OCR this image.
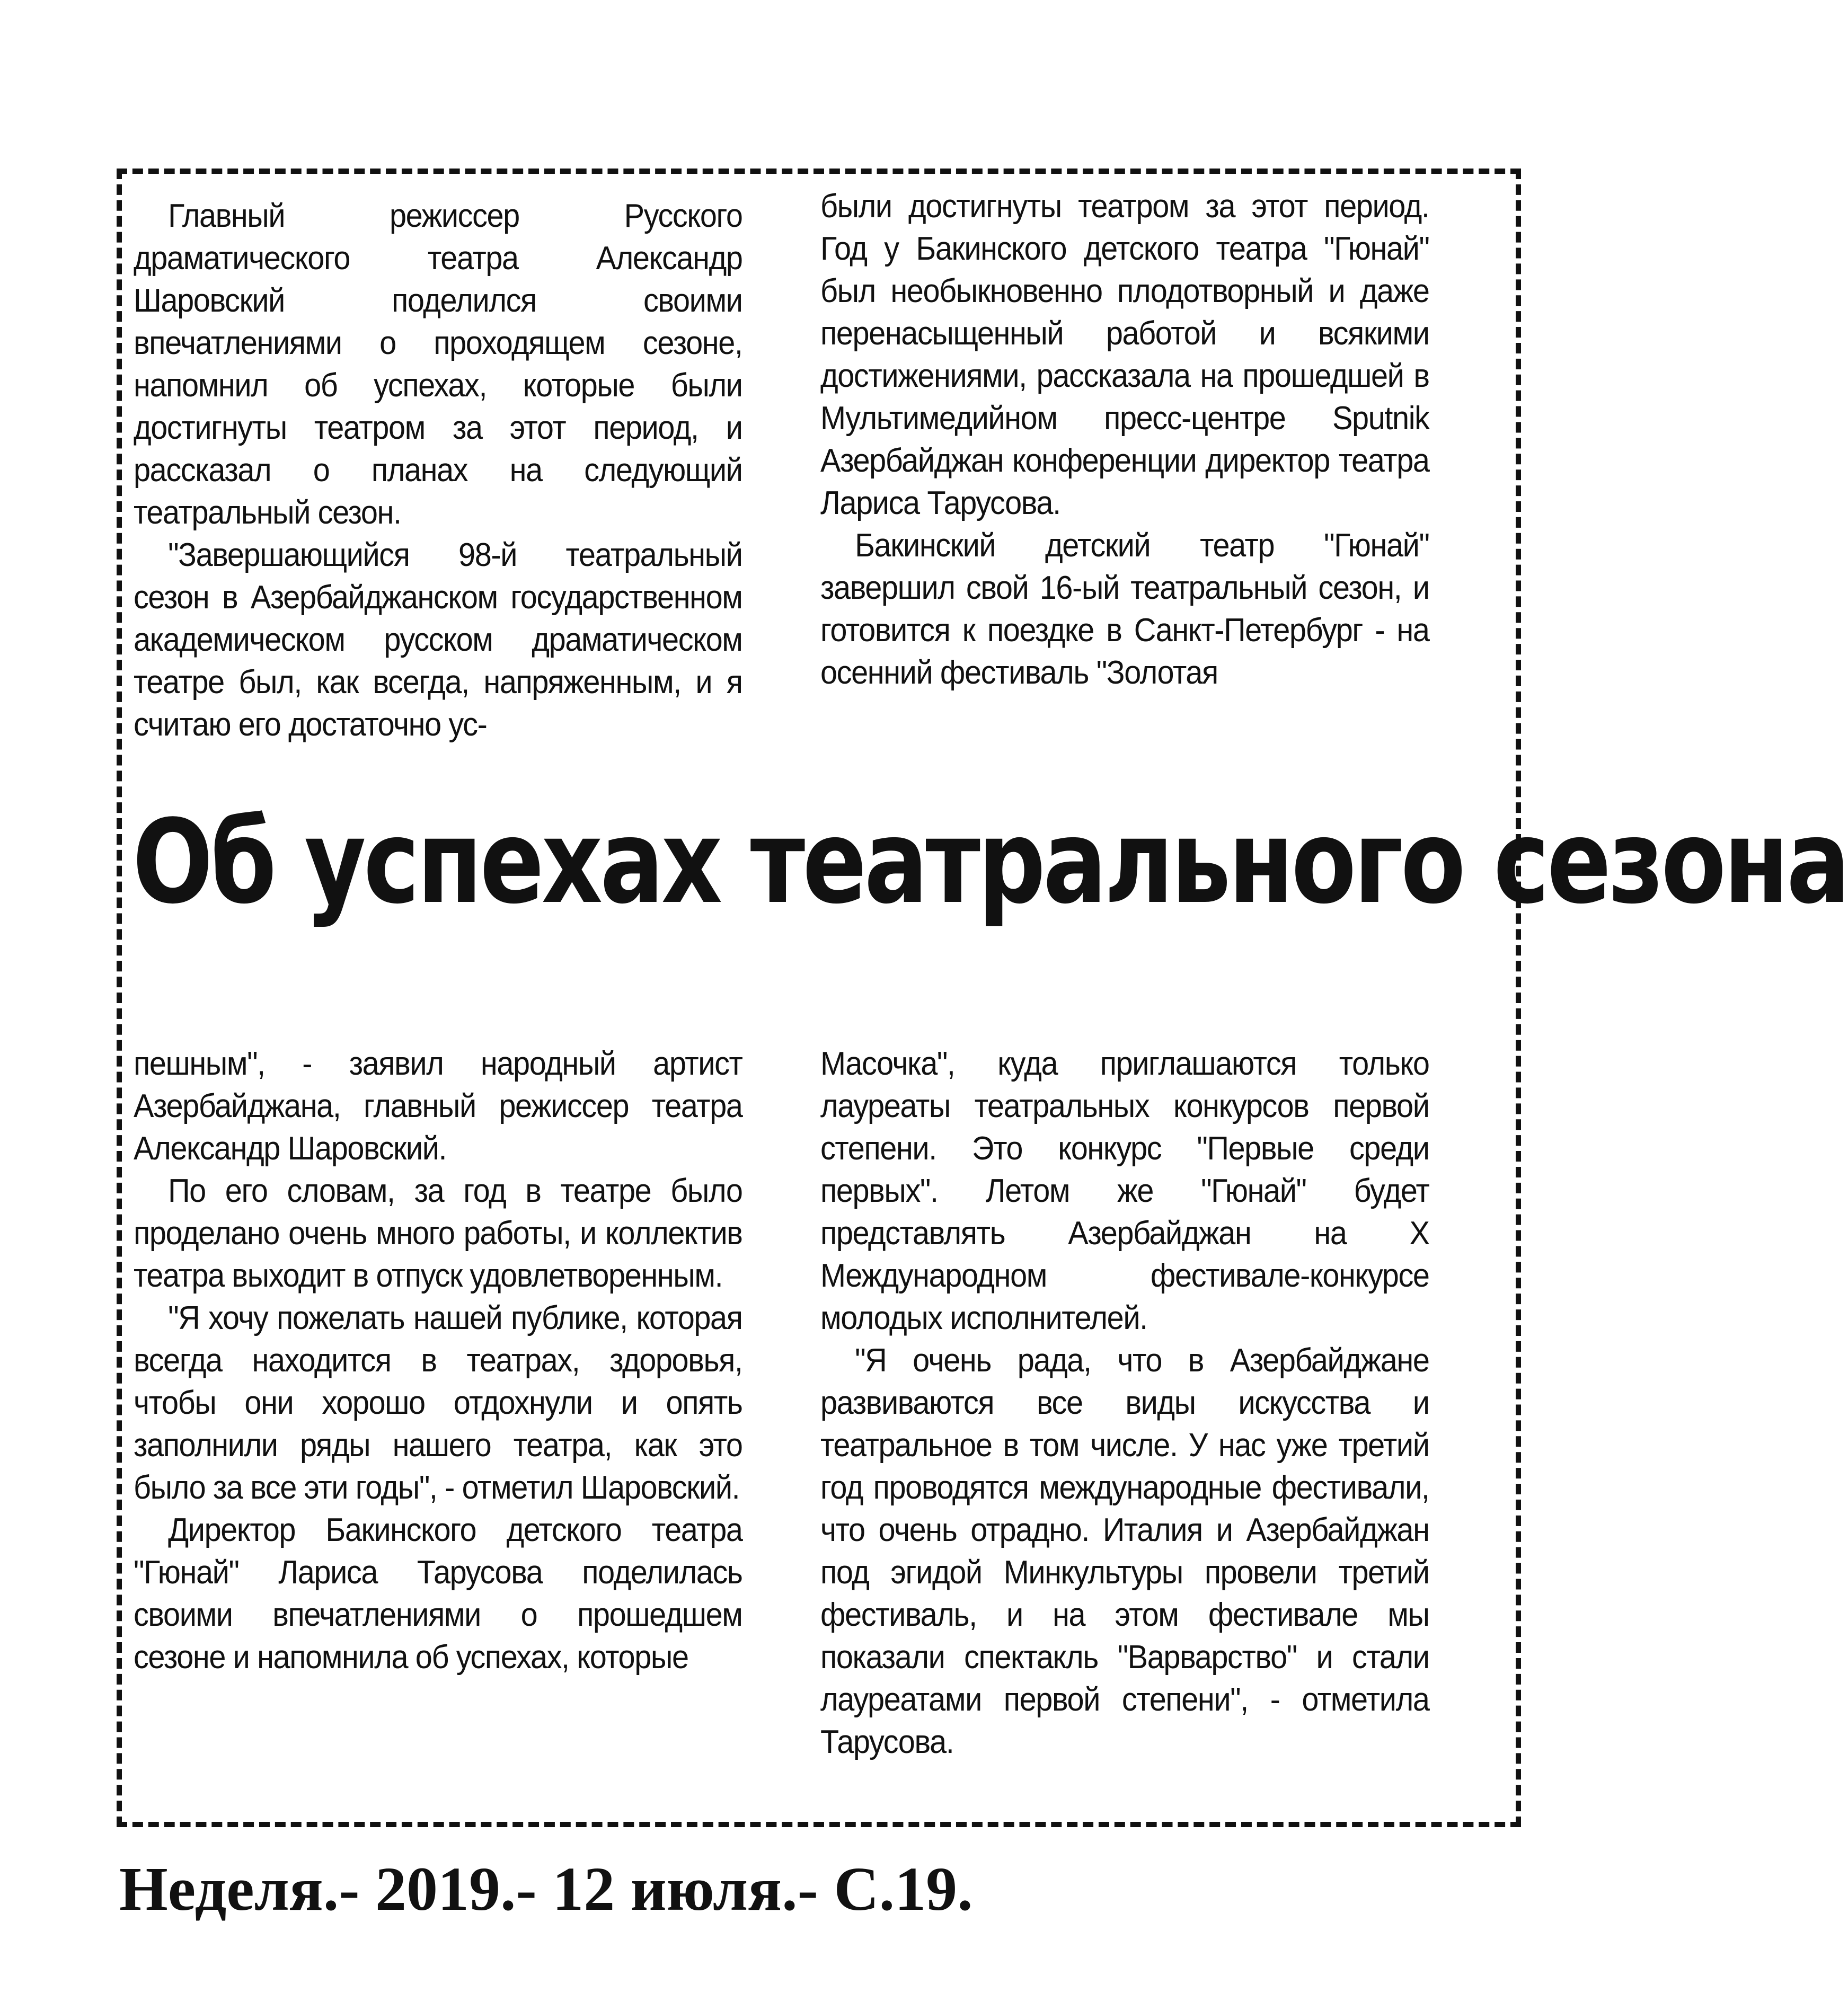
Главный режиссер Русского драматического театра Александр Шаровский поделился своими впечатлениями о проходящем сезоне, напомнил об успехах, которые были достигнуты театром за этот период, и рассказал о планах на следующий театральный сезон.

"Завершающийся 98-й театральный сезон в Азербайджанском государственном академическом русском драматическом театре был, как всегда, напряженным, и я считаю его достаточно ус-

были достигнуты театром за этот период. Год у Бакинского детского театра "Гюнай" был необыкновенно плодотворный и даже перенасыщенный работой и всякими достижениями, рассказала на прошедшей в Мультимедийном пресс-центре Sputnik Азербайджан конференции директор театра Лариса Тарусова.

Бакинский детский театр "Гюнай" завершил свой 16-ый театральный сезон, и готовится к поездке в Санкт-Петербург - на осенний фестиваль "Золотая

Об успехах театрального сезона

пешным", - заявил народный артист Азербайджана, главный режиссер театра Александр Шаровский.

По его словам, за год в театре было проделано очень много работы, и коллектив театра выходит в отпуск удовлетворенным.

"Я хочу пожелать нашей публике, которая всегда находится в театрах, здоровья, чтобы они хорошо отдохнули и опять заполнили ряды нашего театра, как это было за все эти годы", - отметил Шаровский.

Директор Бакинского детского театра "Гюнай" Лариса Тарусова поделилась своими впечатлениями о прошедшем сезоне и напомнила об успехах, которые

Масочка", куда приглашаются только лауреаты театральных конкурсов первой степени. Это конкурс "Первые среди первых". Летом же "Гюнай" будет представлять Азербайджан на X Международном фестивале-конкурсе молодых исполнителей.

"Я очень рада, что в Азербайджане развиваются все виды искусства и театральное в том числе. У нас уже третий год проводятся международные фестивали, что очень отрадно. Италия и Азербайджан под эгидой Минкультуры провели третий фестиваль, и на этом фестивале мы показали спектакль "Варварство" и стали лауреатами первой степени", - отметила Тарусова.

Неделя.- 2019.- 12 июля.- С.19.
